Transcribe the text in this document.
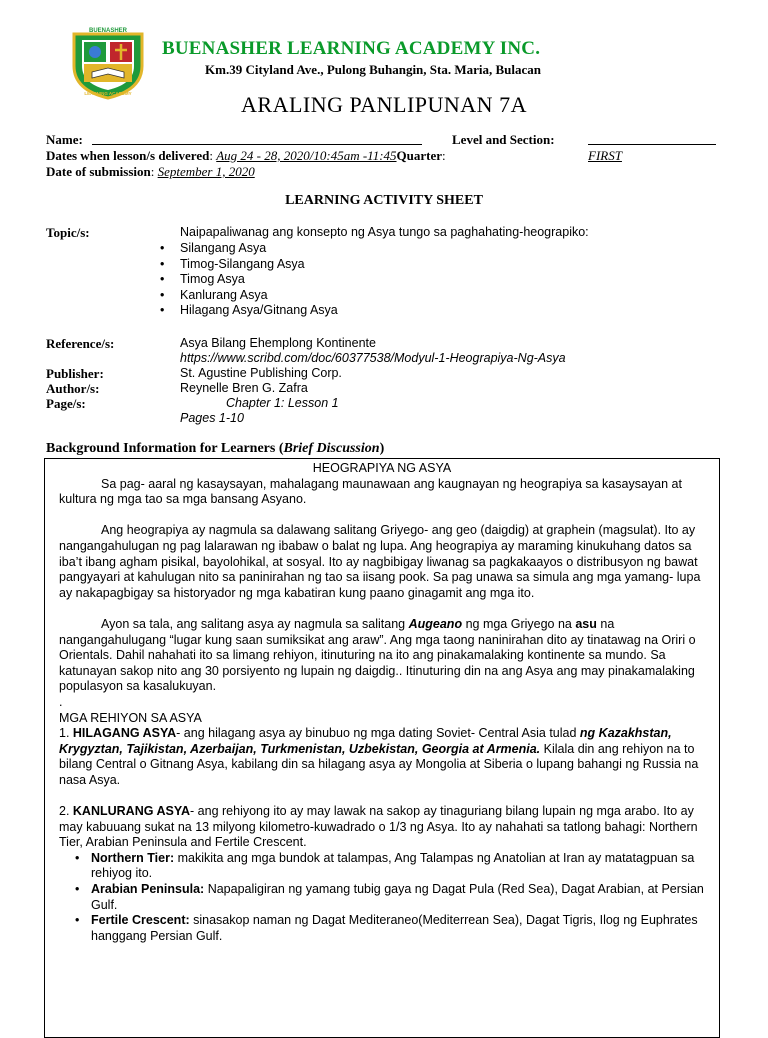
BUENASHER
LEARNING ACADEMY
BUENASHER LEARNING ACADEMY INC.
Km.39 Cityland Ave., Pulong Buhangin, Sta. Maria, Bulacan
ARALING PANLIPUNAN 7A
Name:	Level and Section:
Dates when lesson/s delivered: Aug 24 - 28, 2020/10:45am -11:45Quarter:	FIRST
Date of submission: September 1, 2020
LEARNING ACTIVITY SHEET
Topic/s:	Naipapaliwanag ang konsepto ng Asya tungo sa paghahating-heograpiko:
• Silangang Asya
• Timog-Silangang Asya
• Timog Asya
• Kanlurang Asya
• Hilagang Asya/Gitnang Asya
Reference/s:	Asya Bilang Ehemplong Kontinente
https://www.scribd.com/doc/60377538/Modyul-1-Heograpiya-Ng-Asya
Publisher:	St. Agustine Publishing Corp.
Author/s:	Reynelle Bren G. Zafra
Page/s:	Chapter 1: Lesson 1
Pages 1-10
Background Information for Learners (Brief Discussion)

HEOGRAPIYA NG ASYA

Sa pag- aaral ng kasaysayan, mahalagang maunawaan ang kaugnayan ng heograpiya sa kasaysayan at kultura ng mga tao sa mga bansang Asyano.

Ang heograpiya ay nagmula sa dalawang salitang Griyego- ang geo (daigdig) at graphein (magsulat). Ito ay nangangahulugan ng pag lalarawan ng ibabaw o balat ng lupa. Ang heograpiya ay maraming kinukuhang datos sa iba’t ibang agham pisikal, bayolohikal, at sosyal. Ito ay nagbibigay liwanag sa pagkakaayos o distribusyon ng bawat pangyayari at kahulugan nito sa paninirahan ng tao sa iisang pook. Sa pag unawa sa simula ang mga yamang- lupa ay nakapagbigay sa historyador ng mga kabatiran kung paano ginagamit ang mga ito.

Ayon sa tala, ang salitang asya ay nagmula sa salitang Augeano ng mga Griyego na asu na nangangahulugang “lugar kung saan sumiksikat ang araw”. Ang mga taong naninirahan dito ay tinatawag na Oriri o Orientals. Dahil nahahati ito sa limang rehiyon, itinuturing na ito ang pinakamalaking kontinente sa mundo. Sa katunayan sakop nito ang 30 porsiyento ng lupain ng daigdig.. Itinuturing din na ang Asya ang may pinakamalaking populasyon sa kasalukuyan.

.

MGA REHIYON SA ASYA

1. HILAGANG ASYA- ang hilagang asya ay binubuo ng mga dating Soviet- Central Asia tulad ng Kazakhstan, Krygyztan, Tajikistan, Azerbaijan, Turkmenistan, Uzbekistan, Georgia at Armenia. Kilala din ang rehiyon na to bilang Central o Gitnang Asya, kabilang din sa hilagang asya ay Mongolia at Siberia o lupang bahangi ng Russia na nasa Asya.

2. KANLURANG ASYA- ang rehiyong ito ay may lawak na sakop ay tinaguriang bilang lupain ng mga arabo. Ito ay may kabuuang sukat na 13 milyong kilometro-kuwadrado o 1/3 ng Asya. Ito ay nahahati sa tatlong bahagi: Northern Tier, Arabian Peninsula and Fertile Crescent.

• Northern Tier: makikita ang mga bundok at talampas, Ang Talampas ng Anatolian at Iran ay matatagpuan sa rehiyog ito.

• Arabian Peninsula: Napapaligiran ng yamang tubig gaya ng Dagat Pula (Red Sea), Dagat Arabian, at Persian Gulf.

• Fertile Crescent: sinasakop naman ng Dagat Mediteraneo(Mediterrean Sea), Dagat Tigris, Ilog ng Euphrates hanggang Persian Gulf.
